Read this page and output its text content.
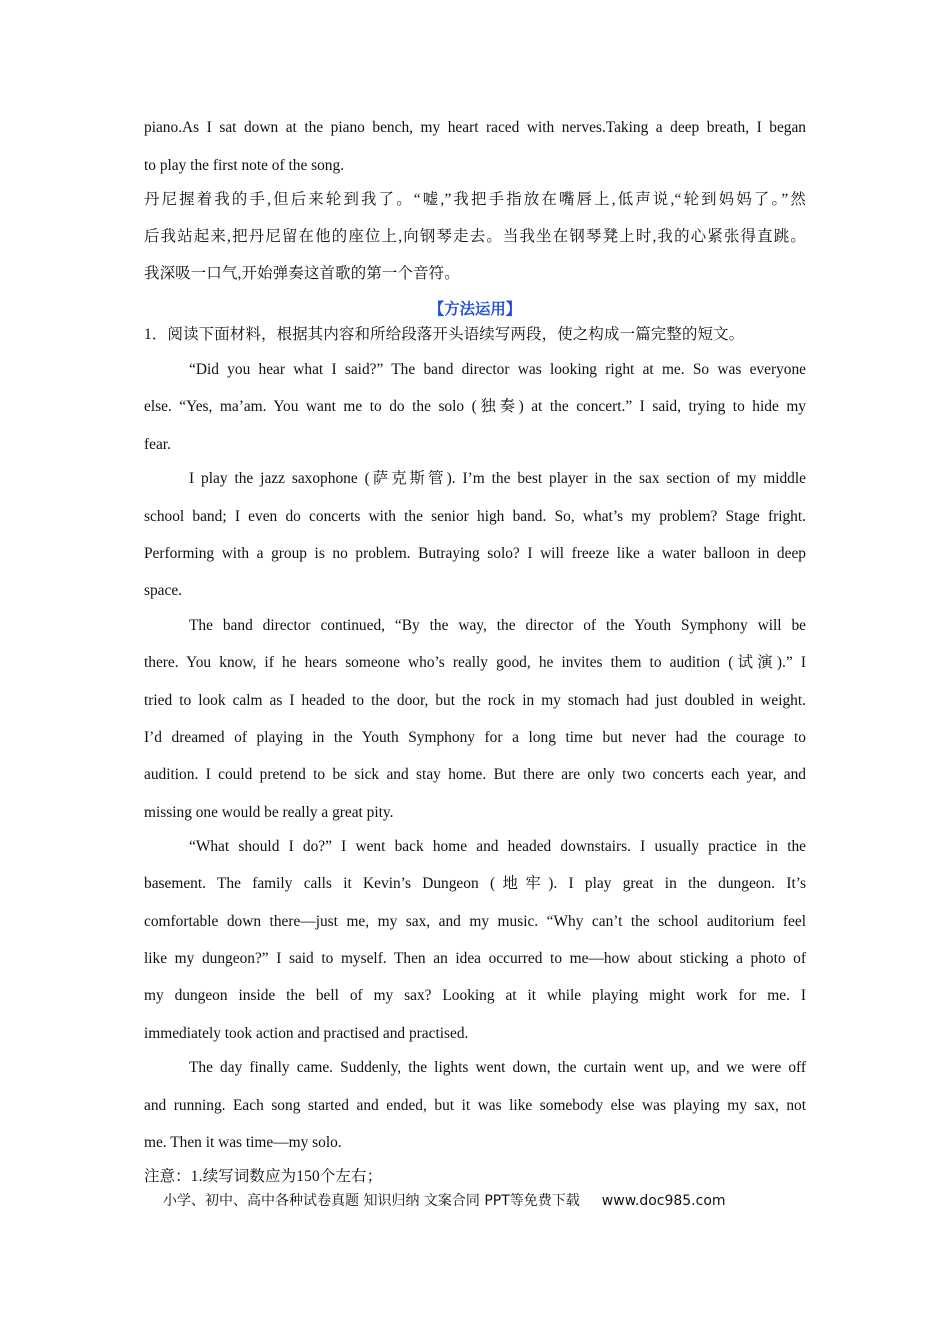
piano.As I sat down at the piano bench, my heart raced with nerves.Taking a deep breath, I began
to play the first note of the song.
丹尼握着我的手,但后来轮到我了。“嘘,”我把手指放在嘴唇上,低声说,“轮到妈妈了。”然
后我站起来,把丹尼留在他的座位上,向钢琴走去。当我坐在钢琴凳上时,我的心紧张得直跳。
我深吸一口气,开始弹奏这首歌的第一个音符。
【方法运用】
1．阅读下面材料，根据其内容和所给段落开头语续写两段，使之构成一篇完整的短文。
“Did you hear what I said?” The band director was looking right at me. So was everyone
else. “Yes, ma’am. You want me to do the solo (独奏) at the concert.” I said, trying to hide my
fear.
I play the jazz saxophone (萨克斯管). I’m the best player in the sax section of my middle
school band; I even do concerts with the senior high band. So, what’s my problem? Stage fright.
Performing with a group is no problem. Butraying solo? I will freeze like a water balloon in deep
space.
The band director continued, “By the way, the director of the Youth Symphony will be
there. You know, if he hears someone who’s really good, he invites them to audition (试演).” I
tried to look calm as I headed to the door, but the rock in my stomach had just doubled in weight.
I’d dreamed of playing in the Youth Symphony for a long time but never had the courage to
audition. I could pretend to be sick and stay home. But there are only two concerts each year, and
missing one would be really a great pity.
“What should I do?” I went back home and headed downstairs. I usually practice in the
basement. The family calls it Kevin’s Dungeon (地牢). I play great in the dungeon. It’s
comfortable down there—just me, my sax, and my music. “Why can’t the school auditorium feel
like my dungeon?” I said to myself. Then an idea occurred to me—how about sticking a photo of
my dungeon inside the bell of my sax? Looking at it while playing might work for me. I
immediately took action and practised and practised.
The day finally came. Suddenly, the lights went down, the curtain went up, and we were off
and running. Each song started and ended, but it was like somebody else was playing my sax, not
me. Then it was time—my solo.
注意：1.续写词数应为150个左右；
小学、初中、高中各种试卷真题 知识归纳 文案合同 PPT等免费下载 www.doc985.com
